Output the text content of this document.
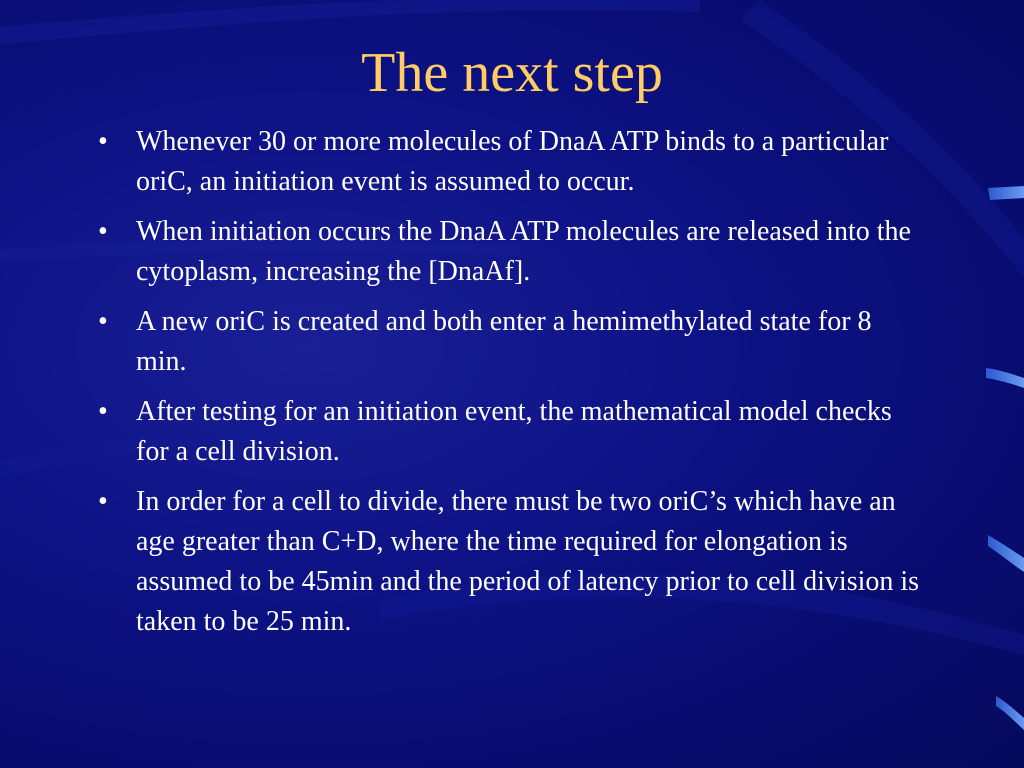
The next step
• Whenever 30 or more molecules of DnaA ATP binds to a particular oriC, an initiation event is assumed to occur.
• When initiation occurs the DnaA ATP molecules are released into the cytoplasm, increasing the [DnaAf].
• A new oriC is created and both enter a hemimethylated state for 8 min.
• After testing for an initiation event, the mathematical model checks for a cell division.
• In order for a cell to divide, there must be two oriC’s which have an age greater than C+D, where the time required for elongation is assumed to be 45min and the period of latency prior to cell division is taken to be 25 min.
